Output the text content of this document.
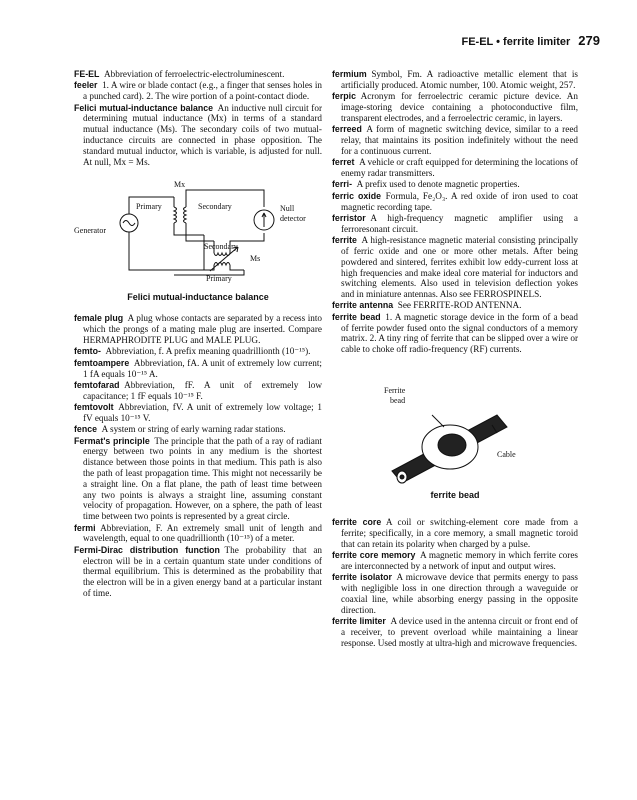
FE-EL • ferrite limiter 279

FE-EL  Abbreviation of ferroelectric-electroluminescent.

feeler  1. A wire or blade contact (e.g., a finger that senses holes in a punched card). 2. The wire portion of a point-contact diode.

Felici mutual-inductance balance  An inductive null circuit for determining mutual inductance (Mx) in terms of a standard mutual inductance (Ms). The secondary coils of two mutual-inductance circuits are connected in phase opposition. The standard mutual inductor, which is variable, is adjusted for null. At null, Mx = Ms.

Mx
Primary	Secondary
Generator
Secondary
Ms
Primary
Null
detector
Felici mutual-inductance balance

female plug  A plug whose contacts are separated by a recess into which the prongs of a mating male plug are inserted. Compare HERMAPHRODITE PLUG and MALE PLUG.

femto-  Abbreviation, f. A prefix meaning quadrillionth (10⁻¹⁵).

femtoampere  Abbreviation, fA. A unit of extremely low current; 1 fA equals 10⁻¹⁵ A.

femtofarad  Abbreviation, fF. A unit of extremely low capacitance; 1 fF equals 10⁻¹⁵ F.

femtovolt  Abbreviation, fV. A unit of extremely low voltage; 1 fV equals 10⁻¹⁵ V.

fence  A system or string of early warning radar stations.

Fermat's principle  The principle that the path of a ray of radiant energy between two points in any medium is the shortest distance between those points in that medium. This path is also the path of least propagation time. This might not necessarily be a straight line. On a flat plane, the path of least time between any two points is always a straight line, assuming constant velocity of propagation. However, on a sphere, the path of least time between two points is represented by a great circle.

fermi  Abbreviation, F. An extremely small unit of length and wavelength, equal to one quadrillionth (10⁻¹⁵) of a meter.

Fermi-Dirac distribution function  The probability that an electron will be in a certain quantum state under conditions of thermal equilibrium. This is determined as the probability that the electron will be in a given energy band at a particular instant of time.

fermium  Symbol, Fm. A radioactive metallic element that is artificially produced. Atomic number, 100. Atomic weight, 257.

ferpic  Acronym for ferroelectric ceramic picture device. An image-storing device containing a photoconductive film, transparent electrodes, and a ferroelectric ceramic, in layers.

ferreed  A form of magnetic switching device, similar to a reed relay, that maintains its position indefinitely without the need for a continuous current.

ferret  A vehicle or craft equipped for determining the locations of enemy radar transmitters.

ferri-  A prefix used to denote magnetic properties.

ferric oxide  Formula, Fe₂O₃. A red oxide of iron used to coat magnetic recording tape.

ferristor  A high-frequency magnetic amplifier using a ferroresonant circuit.

ferrite  A high-resistance magnetic material consisting principally of ferric oxide and one or more other metals. After being powdered and sintered, ferrites exhibit low eddy-current loss at high frequencies and make ideal core material for inductors and switching elements. Also used in television deflection yokes and in miniature antennas. Also see FERROSPINELS.

ferrite antenna  See FERRITE-ROD ANTENNA.

ferrite bead  1. A magnetic storage device in the form of a bead of ferrite powder fused onto the signal conductors of a memory matrix. 2. A tiny ring of ferrite that can be slipped over a wire or cable to choke off radio-frequency (RF) currents.

Ferrite
bead
Cable
ferrite bead

ferrite core  A coil or switching-element core made from a ferrite; specifically, in a core memory, a small magnetic toroid that can retain its polarity when charged by a pulse.

ferrite core memory  A magnetic memory in which ferrite cores are interconnected by a network of input and output wires.

ferrite isolator  A microwave device that permits energy to pass with negligible loss in one direction through a waveguide or coaxial line, while absorbing energy passing in the opposite direction.

ferrite limiter  A device used in the antenna circuit or front end of a receiver, to prevent overload while maintaining a linear response. Used mostly at ultra-high and microwave frequencies.
